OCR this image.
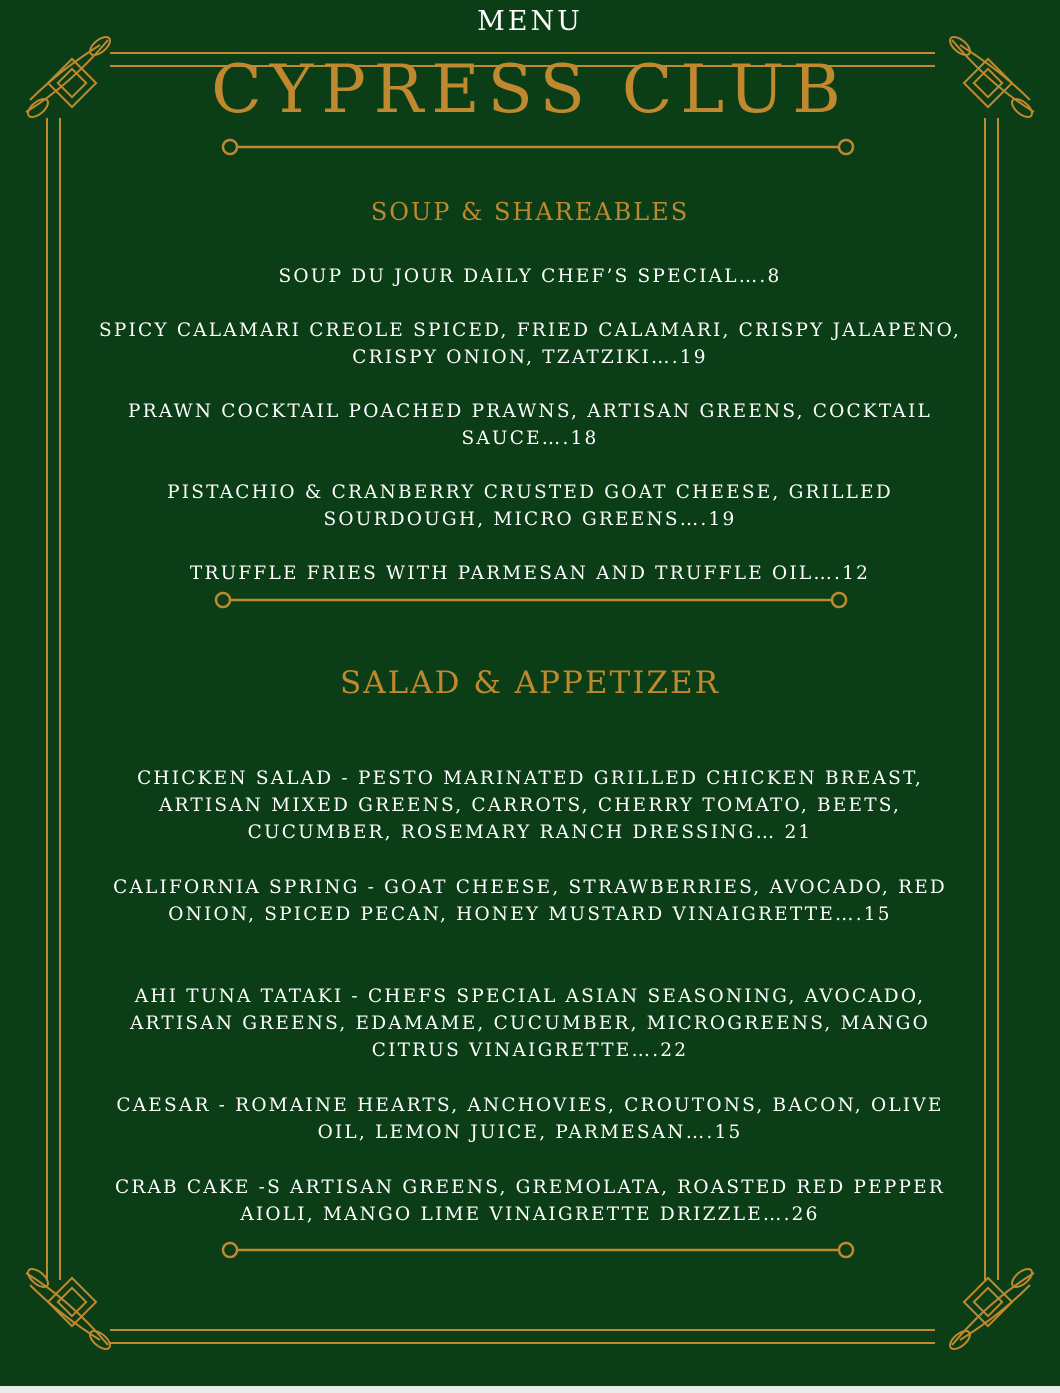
MENU
CYPRESS CLUB
SOUP & SHAREABLES

SOUP DU JOUR DAILY CHEF’S SPECIAL….8

SPICY CALAMARI CREOLE SPICED, FRIED CALAMARI, CRISPY JALAPENO, CRISPY ONION, TZATZIKI….19

PRAWN COCKTAIL POACHED PRAWNS, ARTISAN GREENS, COCKTAIL SAUCE….18

PISTACHIO & CRANBERRY CRUSTED GOAT CHEESE, GRILLED SOURDOUGH, MICRO GREENS….19

TRUFFLE FRIES WITH PARMESAN AND TRUFFLE OIL….12

SALAD & APPETIZER

CHICKEN SALAD - PESTO MARINATED GRILLED CHICKEN BREAST, ARTISAN MIXED GREENS, CARROTS, CHERRY TOMATO, BEETS, CUCUMBER, ROSEMARY RANCH DRESSING… 21

CALIFORNIA SPRING - GOAT CHEESE, STRAWBERRIES, AVOCADO, RED ONION, SPICED PECAN, HONEY MUSTARD VINAIGRETTE….15

AHI TUNA TATAKI - CHEFS SPECIAL ASIAN SEASONING, AVOCADO, ARTISAN GREENS, EDAMAME, CUCUMBER, MICROGREENS, MANGO CITRUS VINAIGRETTE….22

CAESAR - ROMAINE HEARTS, ANCHOVIES, CROUTONS, BACON, OLIVE OIL, LEMON JUICE, PARMESAN….15

CRAB CAKE -S ARTISAN GREENS, GREMOLATA, ROASTED RED PEPPER AIOLI, MANGO LIME VINAIGRETTE DRIZZLE….26
